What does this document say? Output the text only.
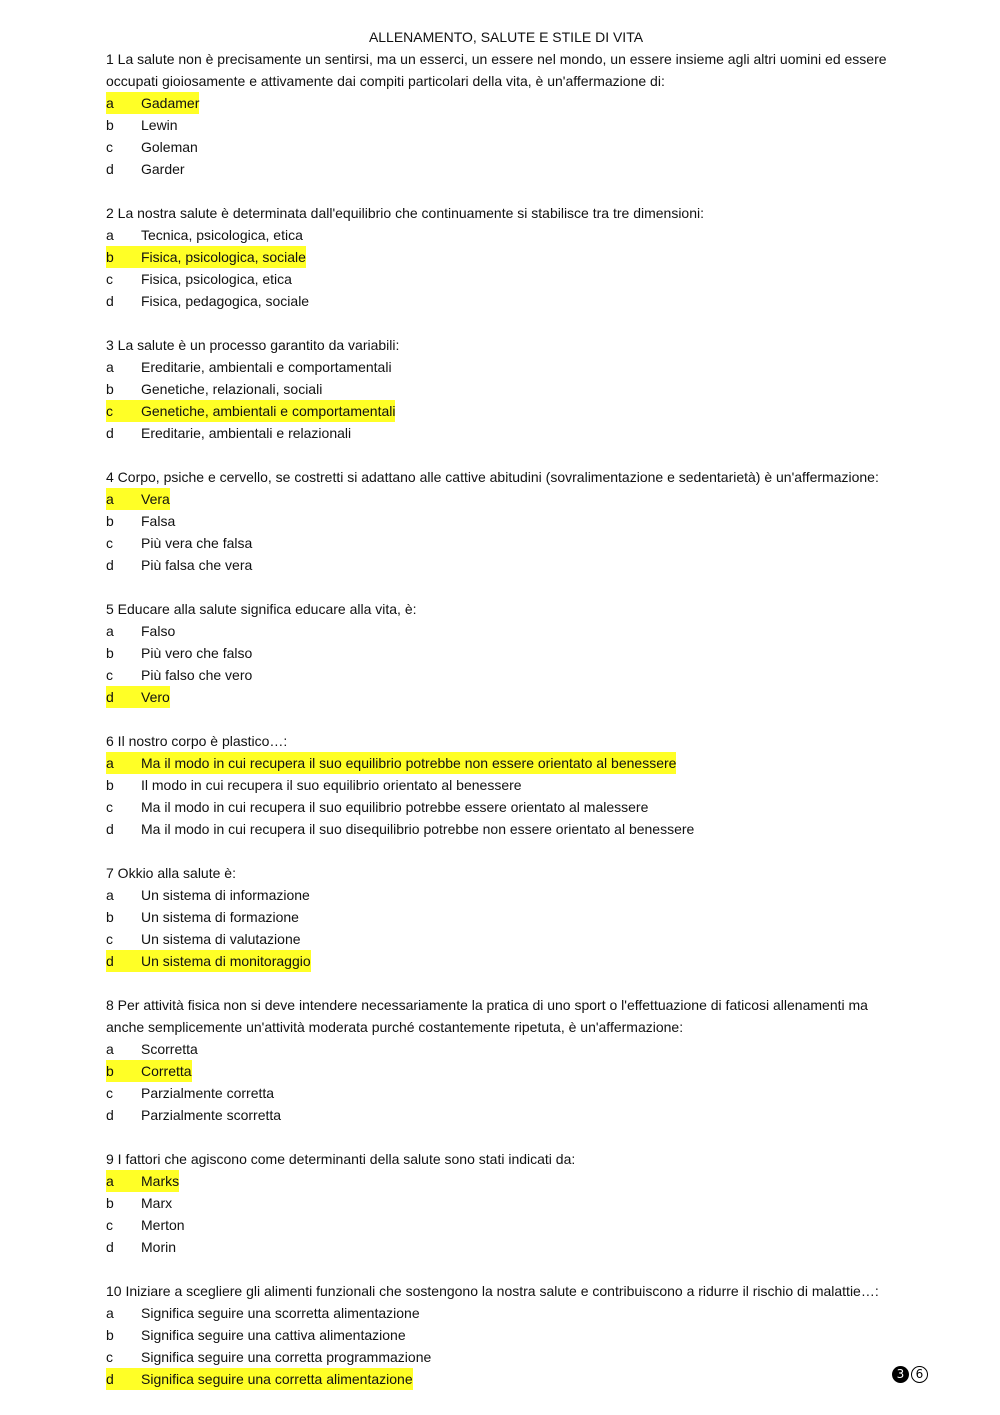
ALLENAMENTO, SALUTE E STILE DI VITA
1 La salute non è precisamente un sentirsi, ma un esserci, un essere nel mondo, un essere insieme agli altri uomini ed essere occupati gioiosamente e attivamente dai compiti particolari della vita, è un'affermazione di:
a	Gadamer
b	Lewin
c	Goleman
d	Garder
2 La nostra salute è determinata dall'equilibrio che continuamente si stabilisce tra tre dimensioni:
a	Tecnica, psicologica, etica
b	Fisica, psicologica, sociale
c	Fisica, psicologica, etica
d	Fisica, pedagogica, sociale
3 La salute è un processo garantito da variabili:
a	Ereditarie, ambientali e comportamentali
b	Genetiche, relazionali, sociali
c	Genetiche, ambientali e comportamentali
d	Ereditarie, ambientali e relazionali
4 Corpo, psiche e cervello, se costretti si adattano alle cattive abitudini (sovralimentazione e sedentarietà) è un'affermazione:
a	Vera
b	Falsa
c	Più vera che falsa
d	Più falsa che vera
5 Educare alla salute significa educare alla vita, è:
a	Falso
b	Più vero che falso
c	Più falso che vero
d	Vero
6 Il nostro corpo è plastico…:
a	Ma il modo in cui recupera il suo equilibrio potrebbe non essere orientato al benessere
b	Il modo in cui recupera il suo equilibrio orientato al benessere
c	Ma il modo in cui recupera il suo equilibrio potrebbe essere orientato al malessere
d	Ma il modo in cui recupera il suo disequilibrio potrebbe non essere orientato al benessere
7 Okkio alla salute è:
a	Un sistema di informazione
b	Un sistema di formazione
c	Un sistema di valutazione
d	Un sistema di monitoraggio
8 Per attività fisica non si deve intendere necessariamente la pratica di uno sport o l'effettuazione di faticosi allenamenti ma anche semplicemente un'attività moderata purché costantemente ripetuta, è un'affermazione:
a	Scorretta
b	Corretta
c	Parzialmente corretta
d	Parzialmente scorretta
9 I fattori che agiscono come determinanti della salute sono stati indicati da:
a	Marks
b	Marx
c	Merton
d	Morin
10 Iniziare a scegliere gli alimenti funzionali che sostengono la nostra salute e contribuiscono a ridurre il rischio di malattie…:
a	Significa seguire una scorretta alimentazione
b	Significa seguire una cattiva alimentazione
c	Significa seguire una corretta programmazione
d	Significa seguire una corretta alimentazione	3 6
